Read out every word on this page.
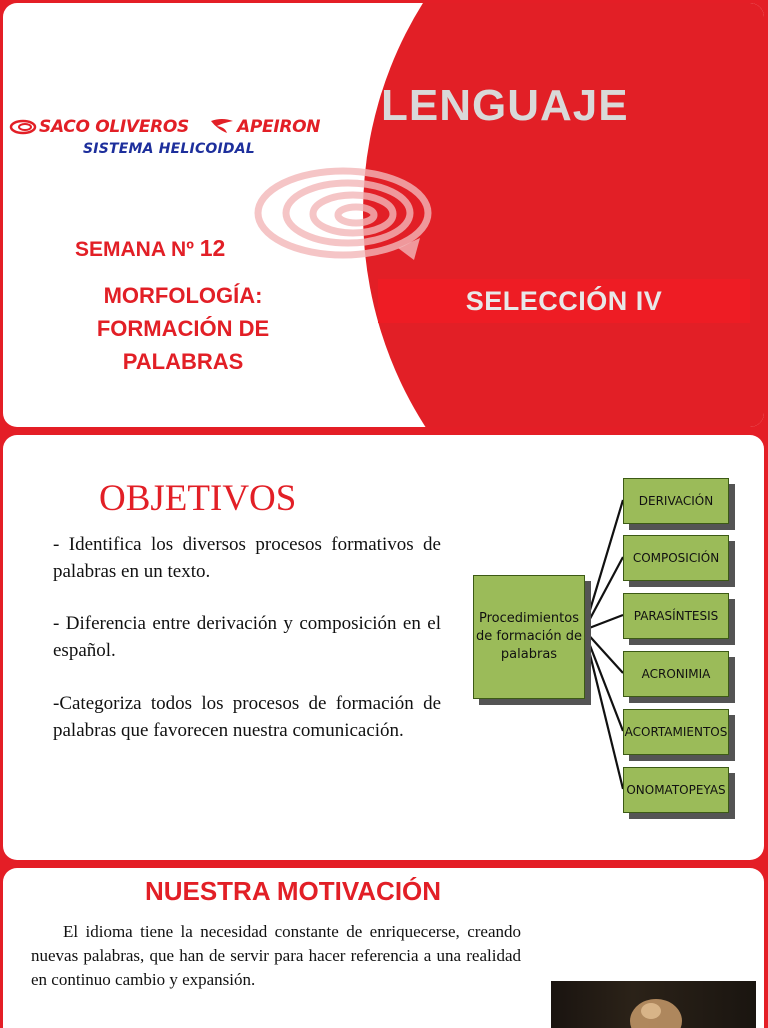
SACO OLIVEROS	APEIRON
SISTEMA HELICOIDAL
LENGUAJE
SEMANA Nº 12
MORFOLOGÍA:
FORMACIÓN DE
PALABRAS
SELECCIÓN IV
OBJETIVOS
- Identifica los diversos procesos formativos de palabras en un texto.
- Diferencia entre derivación y composición en el español.
-Categoriza todos los procesos de formación de palabras que favorecen nuestra comunicación.
Procedimientos de formación de palabras
DERIVACIÓN
COMPOSICIÓN
PARASÍNTESIS
ACRONIMIA
ACORTAMIENTOS
ONOMATOPEYAS
NUESTRA MOTIVACIÓN
El idioma tiene la necesidad constante de enriquecerse, creando nuevas palabras, que han de servir para hacer referencia a una realidad en continuo cambio y expansión.
